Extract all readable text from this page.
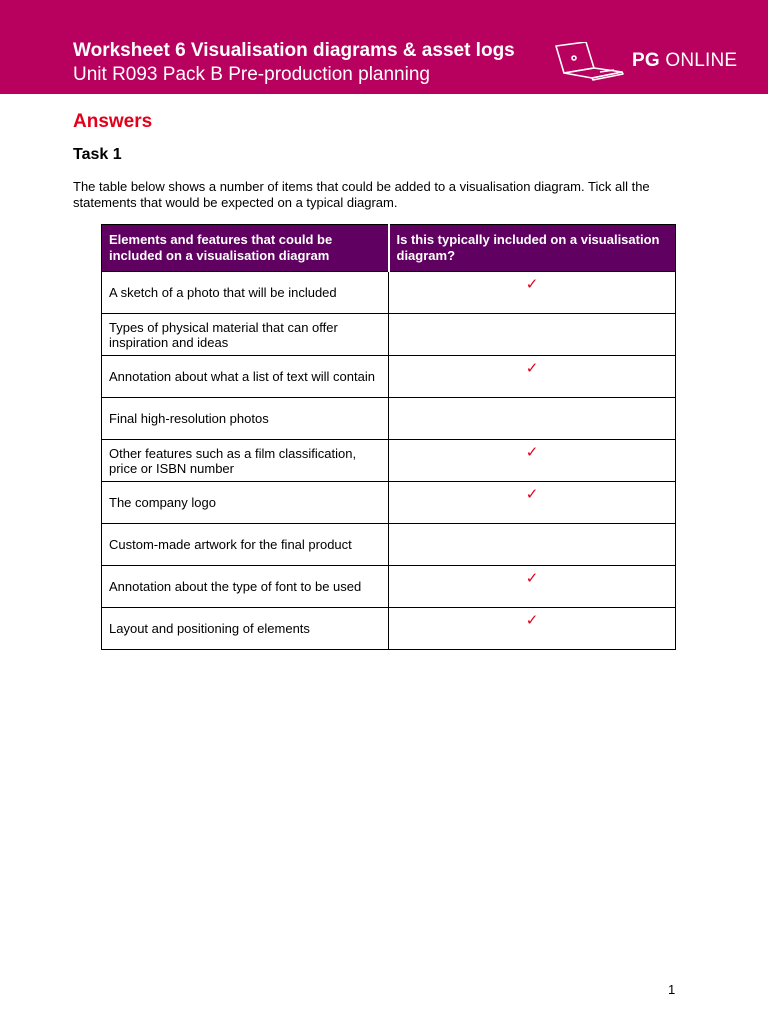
Worksheet 6 Visualisation diagrams & asset logs
Unit R093 Pack B Pre-production planning
PG ONLINE
Answers
Task 1
The table below shows a number of items that could be added to a visualisation diagram. Tick all the statements that would be expected on a typical diagram.
Elements and features that could be included on a visualisation diagram	Is this typically included on a visualisation diagram?
A sketch of a photo that will be included	✓
Types of physical material that can offer inspiration and ideas	
Annotation about what a list of text will contain	✓
Final high-resolution photos	
Other features such as a film classification, price or ISBN number	✓
The company logo	✓
Custom-made artwork for the final product	
Annotation about the type of font to be used	✓
Layout and positioning of elements	✓
1
